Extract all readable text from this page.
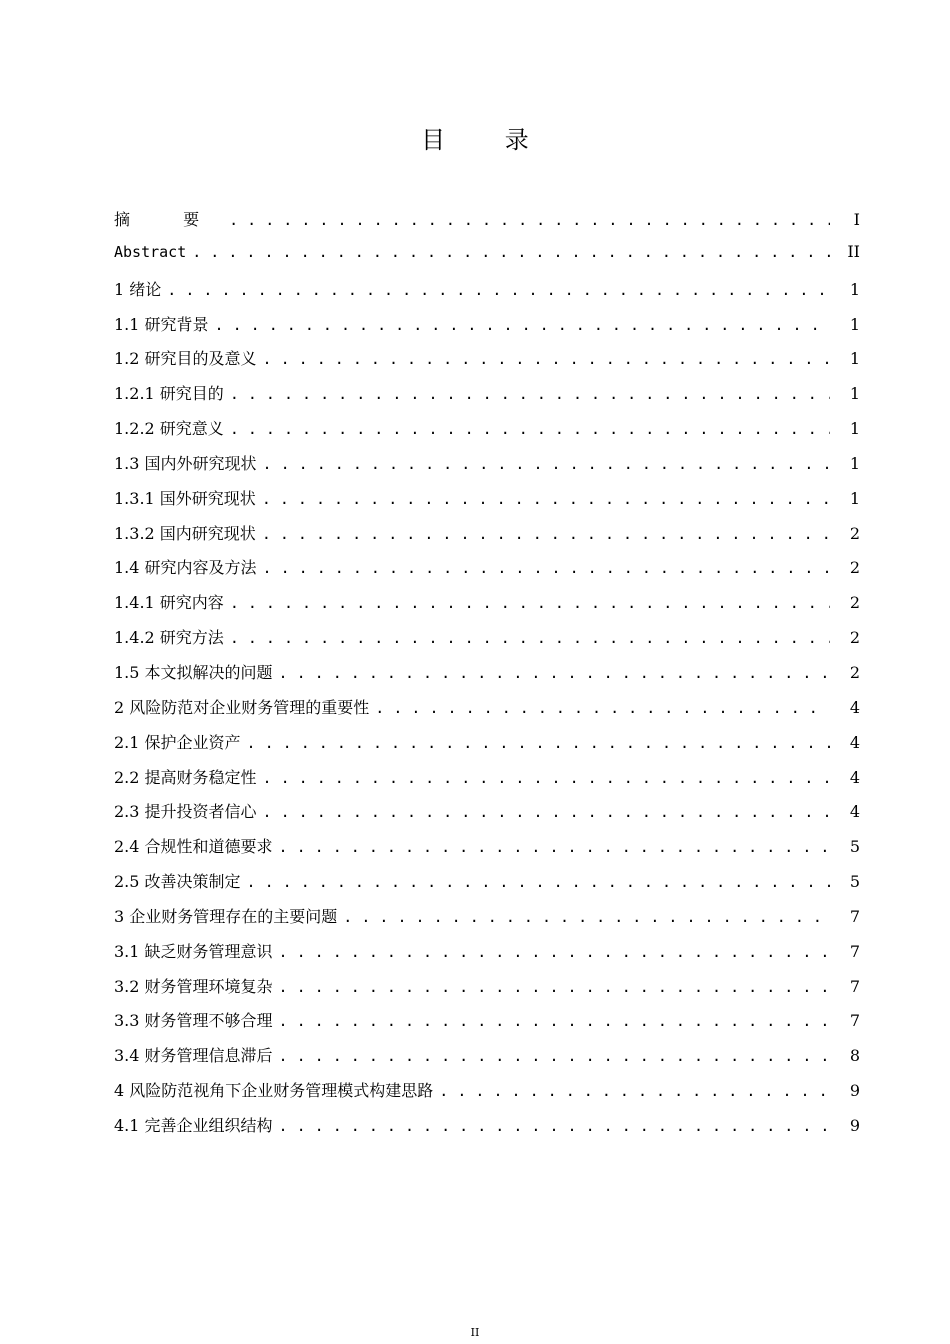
目 录
摘 要 . . .	I
Abstract . . .	II
1 绪论 . . .	1
1.1 研究背景 . . .	1
1.2 研究目的及意义 . . .	1
1.2.1 研究目的 . . .	1
1.2.2 研究意义 . . .	1
1.3 国内外研究现状 . . .	1
1.3.1 国外研究现状 . . .	1
1.3.2 国内研究现状 . . .	2
1.4 研究内容及方法 . . .	2
1.4.1 研究内容 . . .	2
1.4.2 研究方法 . . .	2
1.5 本文拟解决的问题 . . .	2
2 风险防范对企业财务管理的重要性 . . .	4
2.1 保护企业资产 . . .	4
2.2 提高财务稳定性 . . .	4
2.3 提升投资者信心 . . .	4
2.4 合规性和道德要求 . . .	5
2.5 改善决策制定 . . .	5
3 企业财务管理存在的主要问题 . . .	7
3.1 缺乏财务管理意识 . . .	7
3.2 财务管理环境复杂 . . .	7
3.3 财务管理不够合理 . . .	7
3.4 财务管理信息滞后 . . .	8
4 风险防范视角下企业财务管理模式构建思路 . . .	9
4.1 完善企业组织结构 . . .	9
II
